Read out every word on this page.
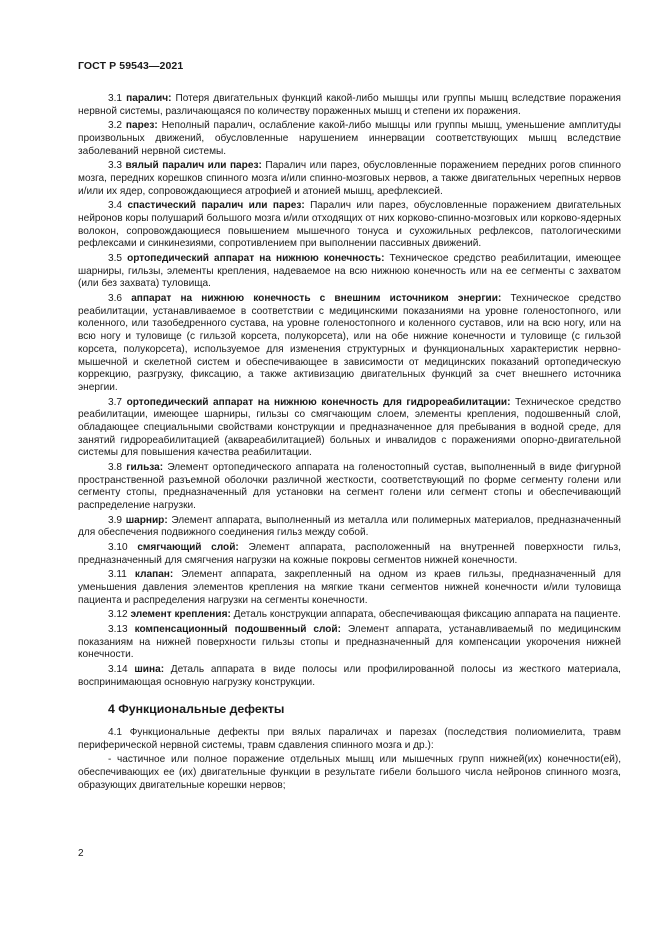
ГОСТ Р 59543—2021

3.1 паралич: Потеря двигательных функций какой-либо мышцы или группы мышц вследствие поражения нервной системы, различающаяся по количеству пораженных мышц и степени их поражения.

3.2 парез: Неполный паралич, ослабление какой-либо мышцы или группы мышц, уменьшение амплитуды произвольных движений, обусловленные нарушением иннервации соответствующих мышц вследствие заболеваний нервной системы.

3.3 вялый паралич или парез: Паралич или парез, обусловленные поражением передних рогов спинного мозга, передних корешков спинного мозга и/или спинно-мозговых нервов, а также двигательных черепных нервов и/или их ядер, сопровождающиеся атрофией и атонией мышц, арефлексией.

3.4 спастический паралич или парез: Паралич или парез, обусловленные поражением двигательных нейронов коры полушарий большого мозга и/или отходящих от них корково-спинно-мозговых или корково-ядерных волокон, сопровождающиеся повышением мышечного тонуса и сухожильных рефлексов, патологическими рефлексами и синкинезиями, сопротивлением при выполнении пассивных движений.

3.5 ортопедический аппарат на нижнюю конечность: Техническое средство реабилитации, имеющее шарниры, гильзы, элементы крепления, надеваемое на всю нижнюю конечность или на ее сегменты с захватом (или без захвата) туловища.

3.6 аппарат на нижнюю конечность с внешним источником энергии: Техническое средство реабилитации, устанавливаемое в соответствии с медицинскими показаниями на уровне голеностопного, или коленного, или тазобедренного сустава, на уровне голеностопного и коленного суставов, или на всю ногу, или на всю ногу и туловище (с гильзой корсета, полукорсета), или на обе нижние конечности и туловище (с гильзой корсета, полукорсета), используемое для изменения структурных и функциональных характеристик нервно-мышечной и скелетной систем и обеспечивающее в зависимости от медицинских показаний ортопедическую коррекцию, разгрузку, фиксацию, а также активизацию двигательных функций за счет внешнего источника энергии.

3.7 ортопедический аппарат на нижнюю конечность для гидрореабилитации: Техническое средство реабилитации, имеющее шарниры, гильзы со смягчающим слоем, элементы крепления, подошвенный слой, обладающее специальными свойствами конструкции и предназначенное для пребывания в водной среде, для занятий гидрореабилитацией (аквареабилитацией) больных и инвалидов с поражениями опорно-двигательной системы для повышения качества реабилитации.

3.8 гильза: Элемент ортопедического аппарата на голеностопный сустав, выполненный в виде фигурной пространственной разъемной оболочки различной жесткости, соответствующий по форме сегменту голени или сегменту стопы, предназначенный для установки на сегмент голени или сегмент стопы и обеспечивающий распределение нагрузки.

3.9 шарнир: Элемент аппарата, выполненный из металла или полимерных материалов, предназначенный для обеспечения подвижного соединения гильз между собой.

3.10 смягчающий слой: Элемент аппарата, расположенный на внутренней поверхности гильз, предназначенный для смягчения нагрузки на кожные покровы сегментов нижней конечности.

3.11 клапан: Элемент аппарата, закрепленный на одном из краев гильзы, предназначенный для уменьшения давления элементов крепления на мягкие ткани сегментов нижней конечности и/или туловища пациента и распределения нагрузки на сегменты конечности.

3.12 элемент крепления: Деталь конструкции аппарата, обеспечивающая фиксацию аппарата на пациенте.

3.13 компенсационный подошвенный слой: Элемент аппарата, устанавливаемый по медицинским показаниям на нижней поверхности гильзы стопы и предназначенный для компенсации укорочения нижней конечности.

3.14 шина: Деталь аппарата в виде полосы или профилированной полосы из жесткого материала, воспринимающая основную нагрузку конструкции.

4 Функциональные дефекты

4.1 Функциональные дефекты при вялых параличах и парезах (последствия полиомиелита, травм периферической нервной системы, травм сдавления спинного мозга и др.):

- частичное или полное поражение отдельных мышц или мышечных групп нижней(их) конечности(ей), обеспечивающих ее (их) двигательные функции в результате гибели большого числа нейронов спинного мозга, образующих двигательные корешки нервов;

2
